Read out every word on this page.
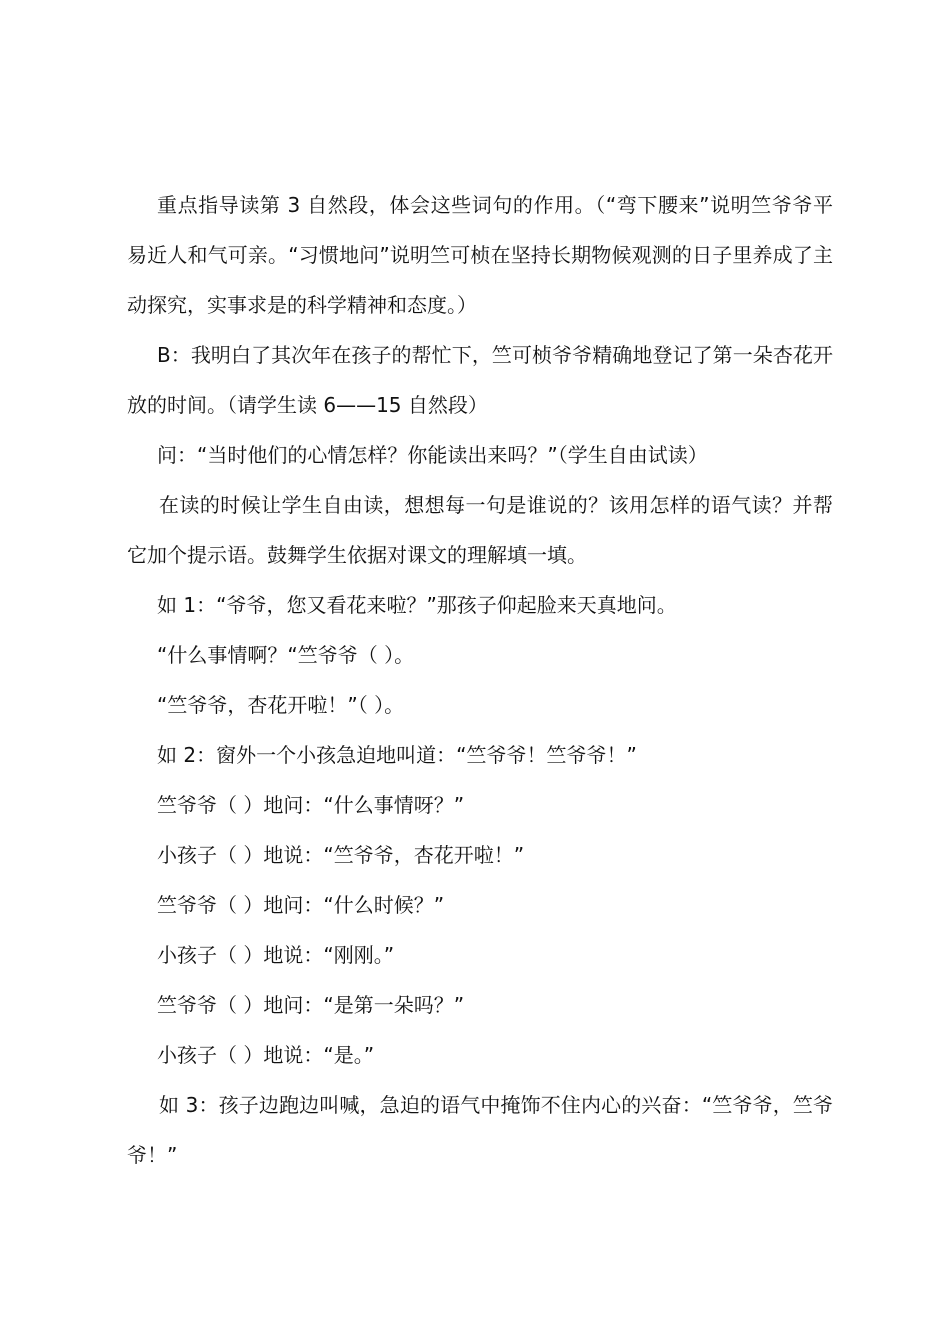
重点指导读第 3 自然段，体会这些词句的作用。（“弯下腰来”说明竺爷爷平易近人和气可亲。“习惯地问”说明竺可桢在坚持长期物候观测的日子里养成了主动探究，实事求是的科学精神和态度。）

B：我明白了其次年在孩子的帮忙下，竺可桢爷爷精确地登记了第一朵杏花开放的时间。（请学生读 6——15 自然段）

问：“当时他们的心情怎样？你能读出来吗？”（学生自由试读）

在读的时候让学生自由读，想想每一句是谁说的？该用怎样的语气读？并帮它加个提示语。鼓舞学生依据对课文的理解填一填。

如 1：“爷爷，您又看花来啦？”那孩子仰起脸来天真地问。

“什么事情啊？“竺爷爷（ ）。

“竺爷爷，杏花开啦！”（ ）。

如 2：窗外一个小孩急迫地叫道：“竺爷爷！竺爷爷！”

竺爷爷（ ）地问：“什么事情呀？”

小孩子（ ）地说：“竺爷爷，杏花开啦！”

竺爷爷（ ）地问：“什么时候？”

小孩子（ ）地说：“刚刚。”

竺爷爷（ ）地问：“是第一朵吗？”

小孩子（ ）地说：“是。”

如 3：孩子边跑边叫喊，急迫的语气中掩饰不住内心的兴奋：“竺爷爷，竺爷爷！”
